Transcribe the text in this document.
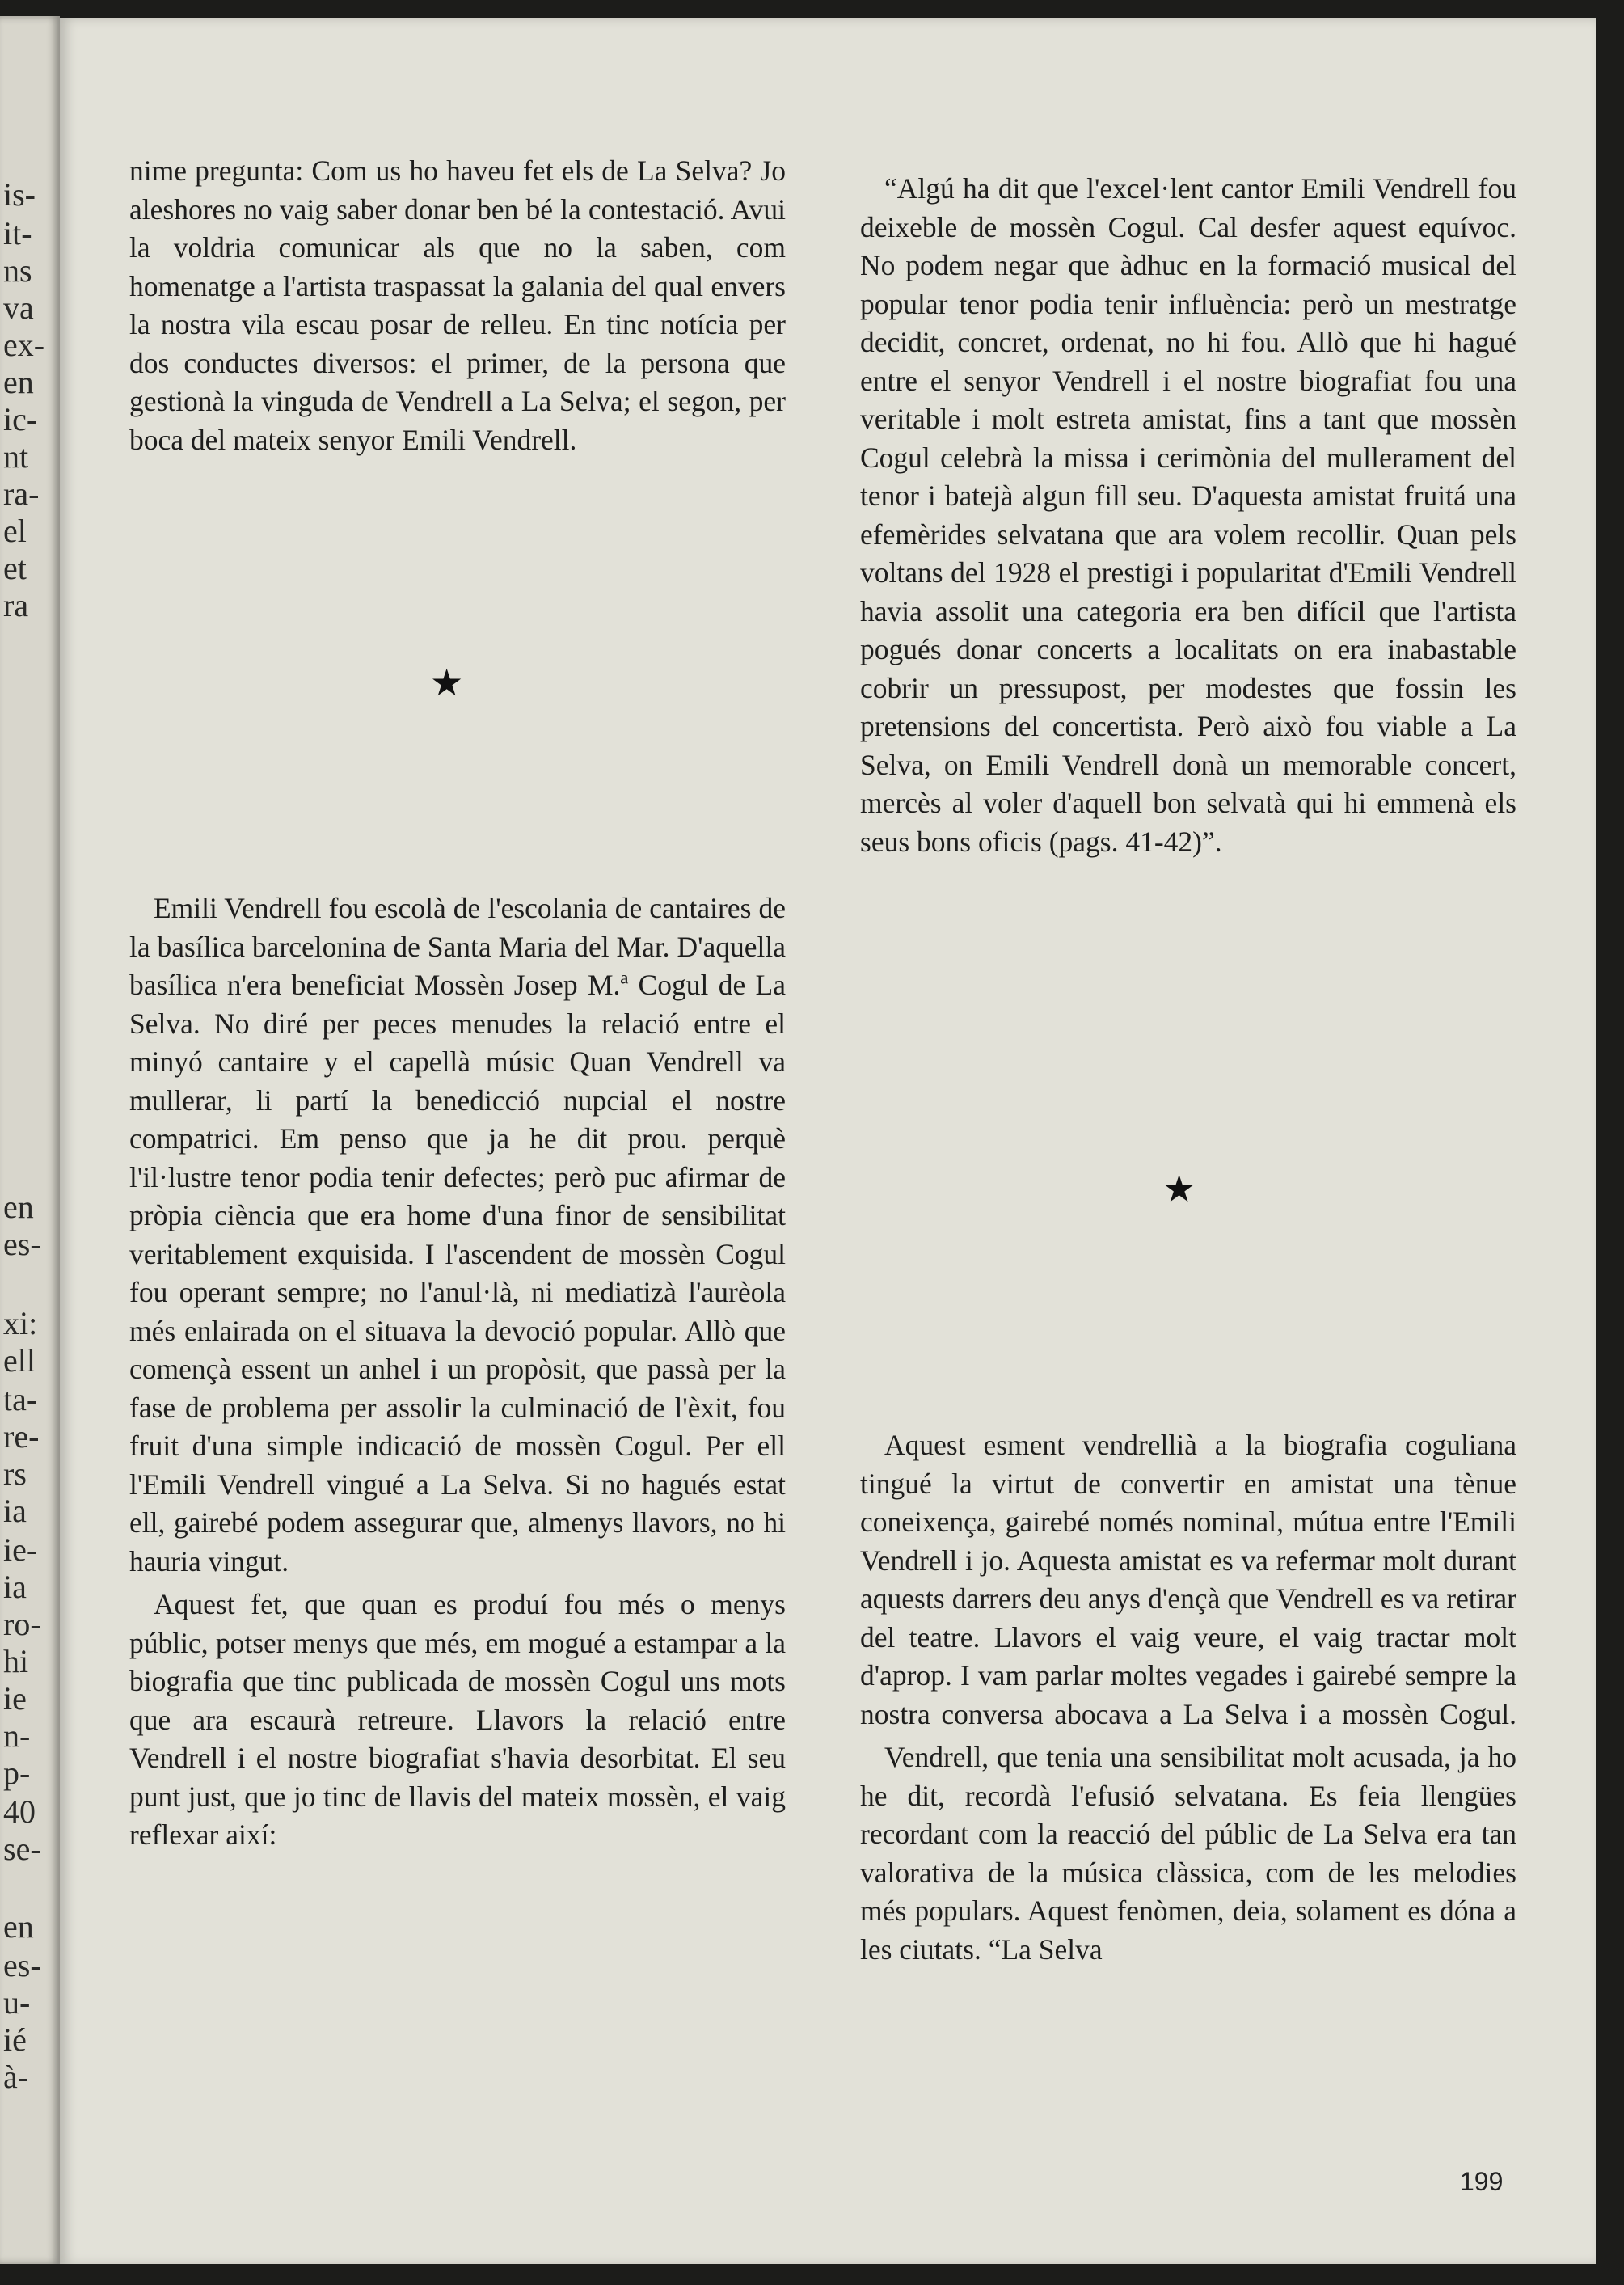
is-
it-
ns
va
ex-
en
ic-
nt
ra-
el
et
ra
en
es-
xi:
ell
ta-
re-
rs
ia
ie-
ia
ro-
hi
ie
n-
p-
40
se-
en
es-
u-
ié
à-

nime pregunta: Com us ho haveu fet els de La Selva? Jo aleshores no vaig saber donar ben bé la contestació. Avui la voldria comunicar als que no la saben, com homenatge a l'artista traspassat la galania del qual envers la nostra vila escau posar de relleu. En tinc notícia per dos conductes diversos: el primer, de la persona que gestionà la vinguda de Vendrell a La Selva; el segon, per boca del mateix senyor Emili Vendrell.

★

Emili Vendrell fou escolà de l'escolania de cantaires de la basílica barcelonina de Santa Maria del Mar. D'aquella basílica n'era beneficiat Mossèn Josep M.ª Cogul de La Selva. No diré per peces menudes la relació entre el minyó cantaire y el capellà músic Quan Vendrell va mullerar, li partí la benedicció nupcial el nostre compatrici. Em penso que ja he dit prou. perquè l'il·lustre tenor podia tenir defectes; però puc afirmar de pròpia ciència que era home d'una finor de sensibilitat veritablement exquisida. I l'ascendent de mossèn Cogul fou operant sempre; no l'anul·là, ni mediatizà l'aurèola més enlairada on el situava la devoció popular. Allò que començà essent un anhel i un propòsit, que passà per la fase de problema per assolir la culminació de l'èxit, fou fruit d'una simple indicació de mossèn Cogul. Per ell l'Emili Vendrell vingué a La Selva. Si no hagués estat ell, gairebé podem assegurar que, almenys llavors, no hi hauria vingut.

Aquest fet, que quan es produí fou més o menys públic, potser menys que més, em mogué a estampar a la biografia que tinc publicada de mossèn Cogul uns mots que ara escaurà retreure. Llavors la relació entre Vendrell i el nostre biografiat s'havia desorbitat. El seu punt just, que jo tinc de llavis del mateix mossèn, el vaig reflexar així:

“Algú ha dit que l'excel·lent cantor Emili Vendrell fou deixeble de mossèn Cogul. Cal desfer aquest equívoc. No podem negar que àdhuc en la formació musical del popular tenor podia tenir influència: però un mestratge decidit, concret, ordenat, no hi fou. Allò que hi hagué entre el senyor Vendrell i el nostre biografiat fou una veritable i molt estreta amistat, fins a tant que mossèn Cogul celebrà la missa i cerimònia del mullerament del tenor i batejà algun fill seu. D'aquesta amistat fruitá una efemèrides selvatana que ara volem recollir. Quan pels voltans del 1928 el prestigi i popularitat d'Emili Vendrell havia assolit una categoria era ben difícil que l'artista pogués donar concerts a localitats on era inabastable cobrir un pressupost, per modestes que fossin les pretensions del concertista. Però això fou viable a La Selva, on Emili Vendrell donà un memorable concert, mercès al voler d'aquell bon selvatà qui hi emmenà els seus bons oficis (pags. 41-42)”.

★

Aquest esment vendrellià a la biografia coguliana tingué la virtut de convertir en amistat una tènue coneixença, gairebé només nominal, mútua entre l'Emili Vendrell i jo. Aquesta amistat es va refermar molt durant aquests darrers deu anys d'ençà que Vendrell es va retirar del teatre. Llavors el vaig veure, el vaig tractar molt d'aprop. I vam parlar moltes vegades i gairebé sempre la nostra conversa abocava a La Selva i a mossèn Cogul.

Vendrell, que tenia una sensibilitat molt acusada, ja ho he dit, recordà l'efusió selvatana. Es feia llengües recordant com la reacció del públic de La Selva era tan valorativa de la música clàssica, com de les melodies més populars. Aquest fenòmen, deia, solament es dóna a les ciutats. “La Selva

199
